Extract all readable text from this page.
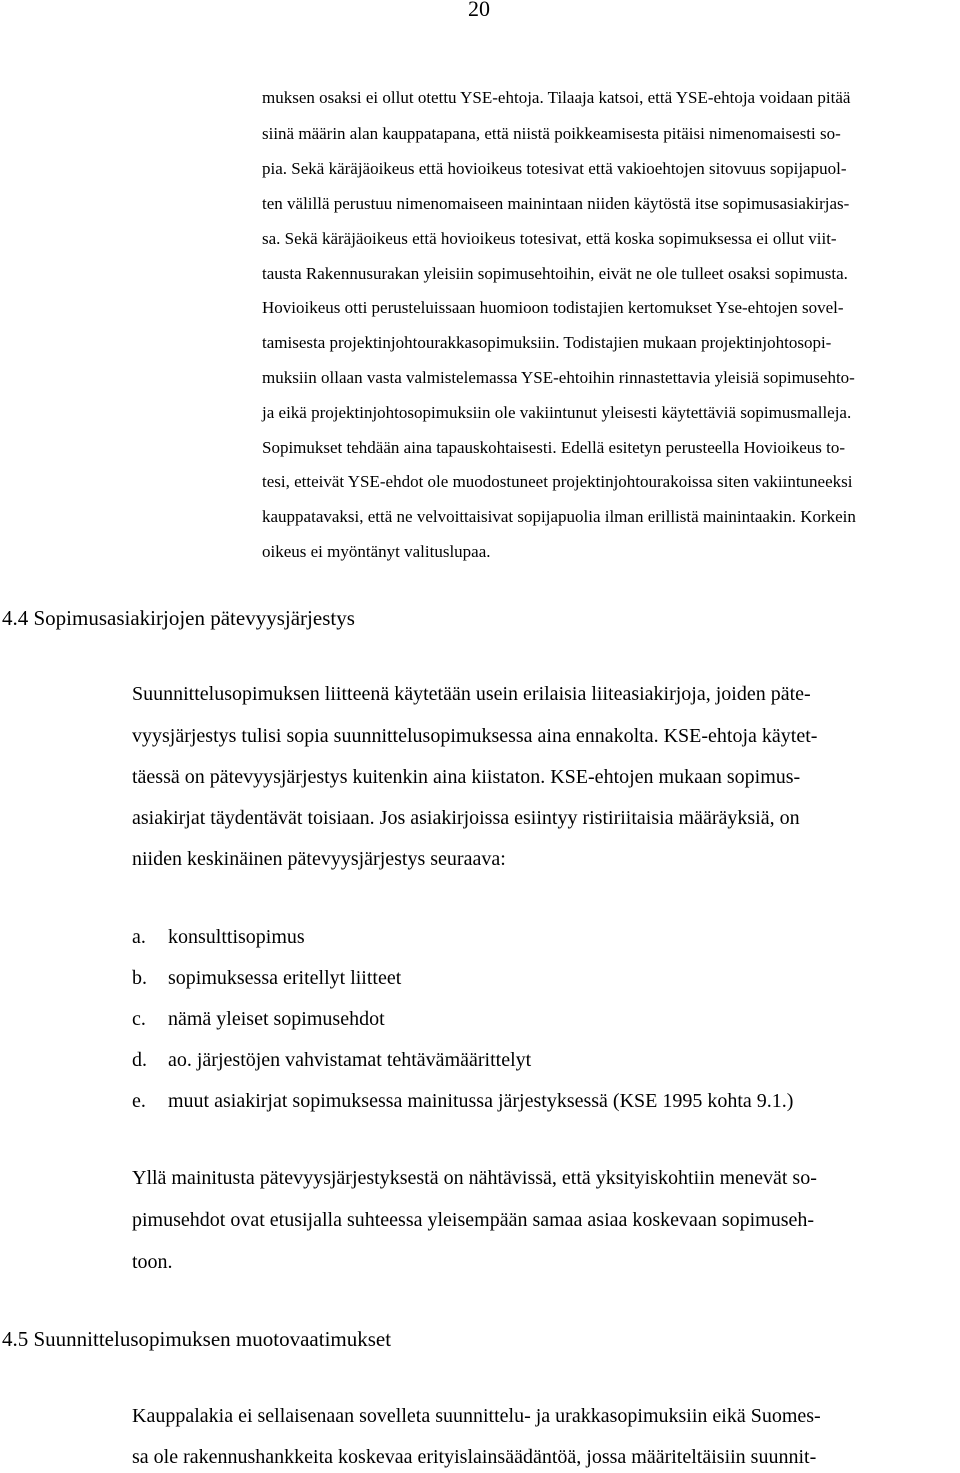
20
muksen osaksi ei ollut otettu YSE-ehtoja. Tilaaja katsoi, että YSE-ehtoja voidaan pitää
siinä määrin alan kauppatapana, että niistä poikkeamisesta pitäisi nimenomaisesti so-
pia. Sekä käräjäoikeus että hovioikeus totesivat että vakioehtojen sitovuus sopijapuol-
ten välillä perustuu nimenomaiseen mainintaan niiden käytöstä itse sopimusasiakirjas-
sa. Sekä käräjäoikeus että hovioikeus totesivat, että koska sopimuksessa ei ollut viit-
tausta Rakennusurakan yleisiin sopimusehtoihin, eivät ne ole tulleet osaksi sopimusta.
Hovioikeus otti perusteluissaan huomioon todistajien kertomukset Yse-ehtojen sovel-
tamisesta projektinjohtourakkasopimuksiin. Todistajien mukaan projektinjohtosopi-
muksiin ollaan vasta valmistelemassa YSE-ehtoihin rinnastettavia yleisiä sopimusehto-
ja eikä projektinjohtosopimuksiin ole vakiintunut yleisesti käytettäviä sopimusmalleja.
Sopimukset tehdään aina tapauskohtaisesti. Edellä esitetyn perusteella Hovioikeus to-
tesi, etteivät YSE-ehdot ole muodostuneet projektinjohtourakoissa siten vakiintuneeksi
kauppatavaksi, että ne velvoittaisivat sopijapuolia ilman erillistä mainintaakin. Korkein
oikeus ei myöntänyt valituslupaa.
4.4 Sopimusasiakirjojen pätevyysjärjestys
Suunnittelusopimuksen liitteenä käytetään usein erilaisia liiteasiakirjoja, joiden päte-
vyysjärjestys tulisi sopia suunnittelusopimuksessa aina ennakolta. KSE-ehtoja käytet-
täessä on pätevyysjärjestys kuitenkin aina kiistaton. KSE-ehtojen mukaan sopimus-
asiakirjat täydentävät toisiaan. Jos asiakirjoissa esiintyy ristiriitaisia määräyksiä, on
niiden keskinäinen pätevyysjärjestys seuraava:
a. konsulttisopimus
b. sopimuksessa eritellyt liitteet
c. nämä yleiset sopimusehdot
d. ao. järjestöjen vahvistamat tehtävämäärittelyt
e. muut asiakirjat sopimuksessa mainitussa järjestyksessä (KSE 1995 kohta 9.1.)
Yllä mainitusta pätevyysjärjestyksestä on nähtävissä, että yksityiskohtiin menevät so-
pimusehdot ovat etusijalla suhteessa yleisempään samaa asiaa koskevaan sopimuseh-
toon.
4.5 Suunnittelusopimuksen muotovaatimukset
Kauppalakia ei sellaisenaan sovelleta suunnittelu- ja urakkasopimuksiin eikä Suomes-
sa ole rakennushankkeita koskevaa erityislainsäädäntöä, jossa määriteltäisiin suunnit-
